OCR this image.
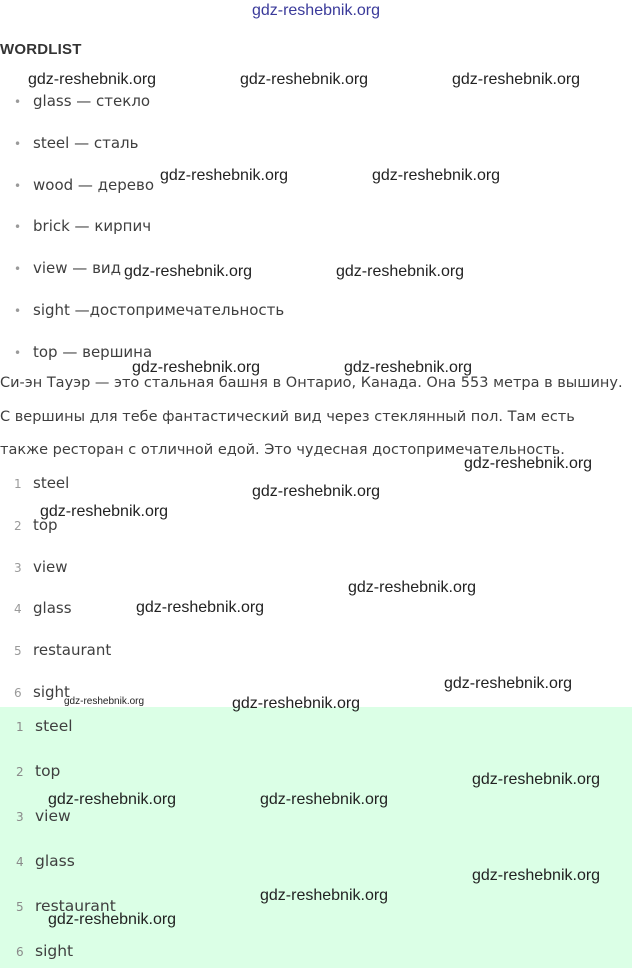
gdz-reshebnik.org
WORDLIST
• glass — стекло
• steel — сталь
• wood — дерево
• brick — кирпич
• view — вид
• sight —достопримечательность
• top — вершина
Си-эн Тауэр — это стальная башня в Онтарио, Канада. Она 553 метра в вышину.
С вершины для тебе фантастический вид через стеклянный пол. Там есть
также ресторан с отличной едой. Это чудесная достопримечательность.
1 steel
2 top
3 view
4 glass
5 restaurant
6 sight
1 steel
2 top
3 view
4 glass
5 restaurant
6 sight
gdz-reshebnik.org	gdz-reshebnik.org	gdz-reshebnik.org
gdz-reshebnik.org	gdz-reshebnik.org
gdz-reshebnik.org	gdz-reshebnik.org
gdz-reshebnik.org	gdz-reshebnik.org
gdz-reshebnik.org
gdz-reshebnik.org
gdz-reshebnik.org
gdz-reshebnik.org
gdz-reshebnik.org
gdz-reshebnik.org
gdz-reshebnik.org	gdz-reshebnik.org
gdz-reshebnik.org
gdz-reshebnik.org	gdz-reshebnik.org
gdz-reshebnik.org
gdz-reshebnik.org
gdz-reshebnik.org
